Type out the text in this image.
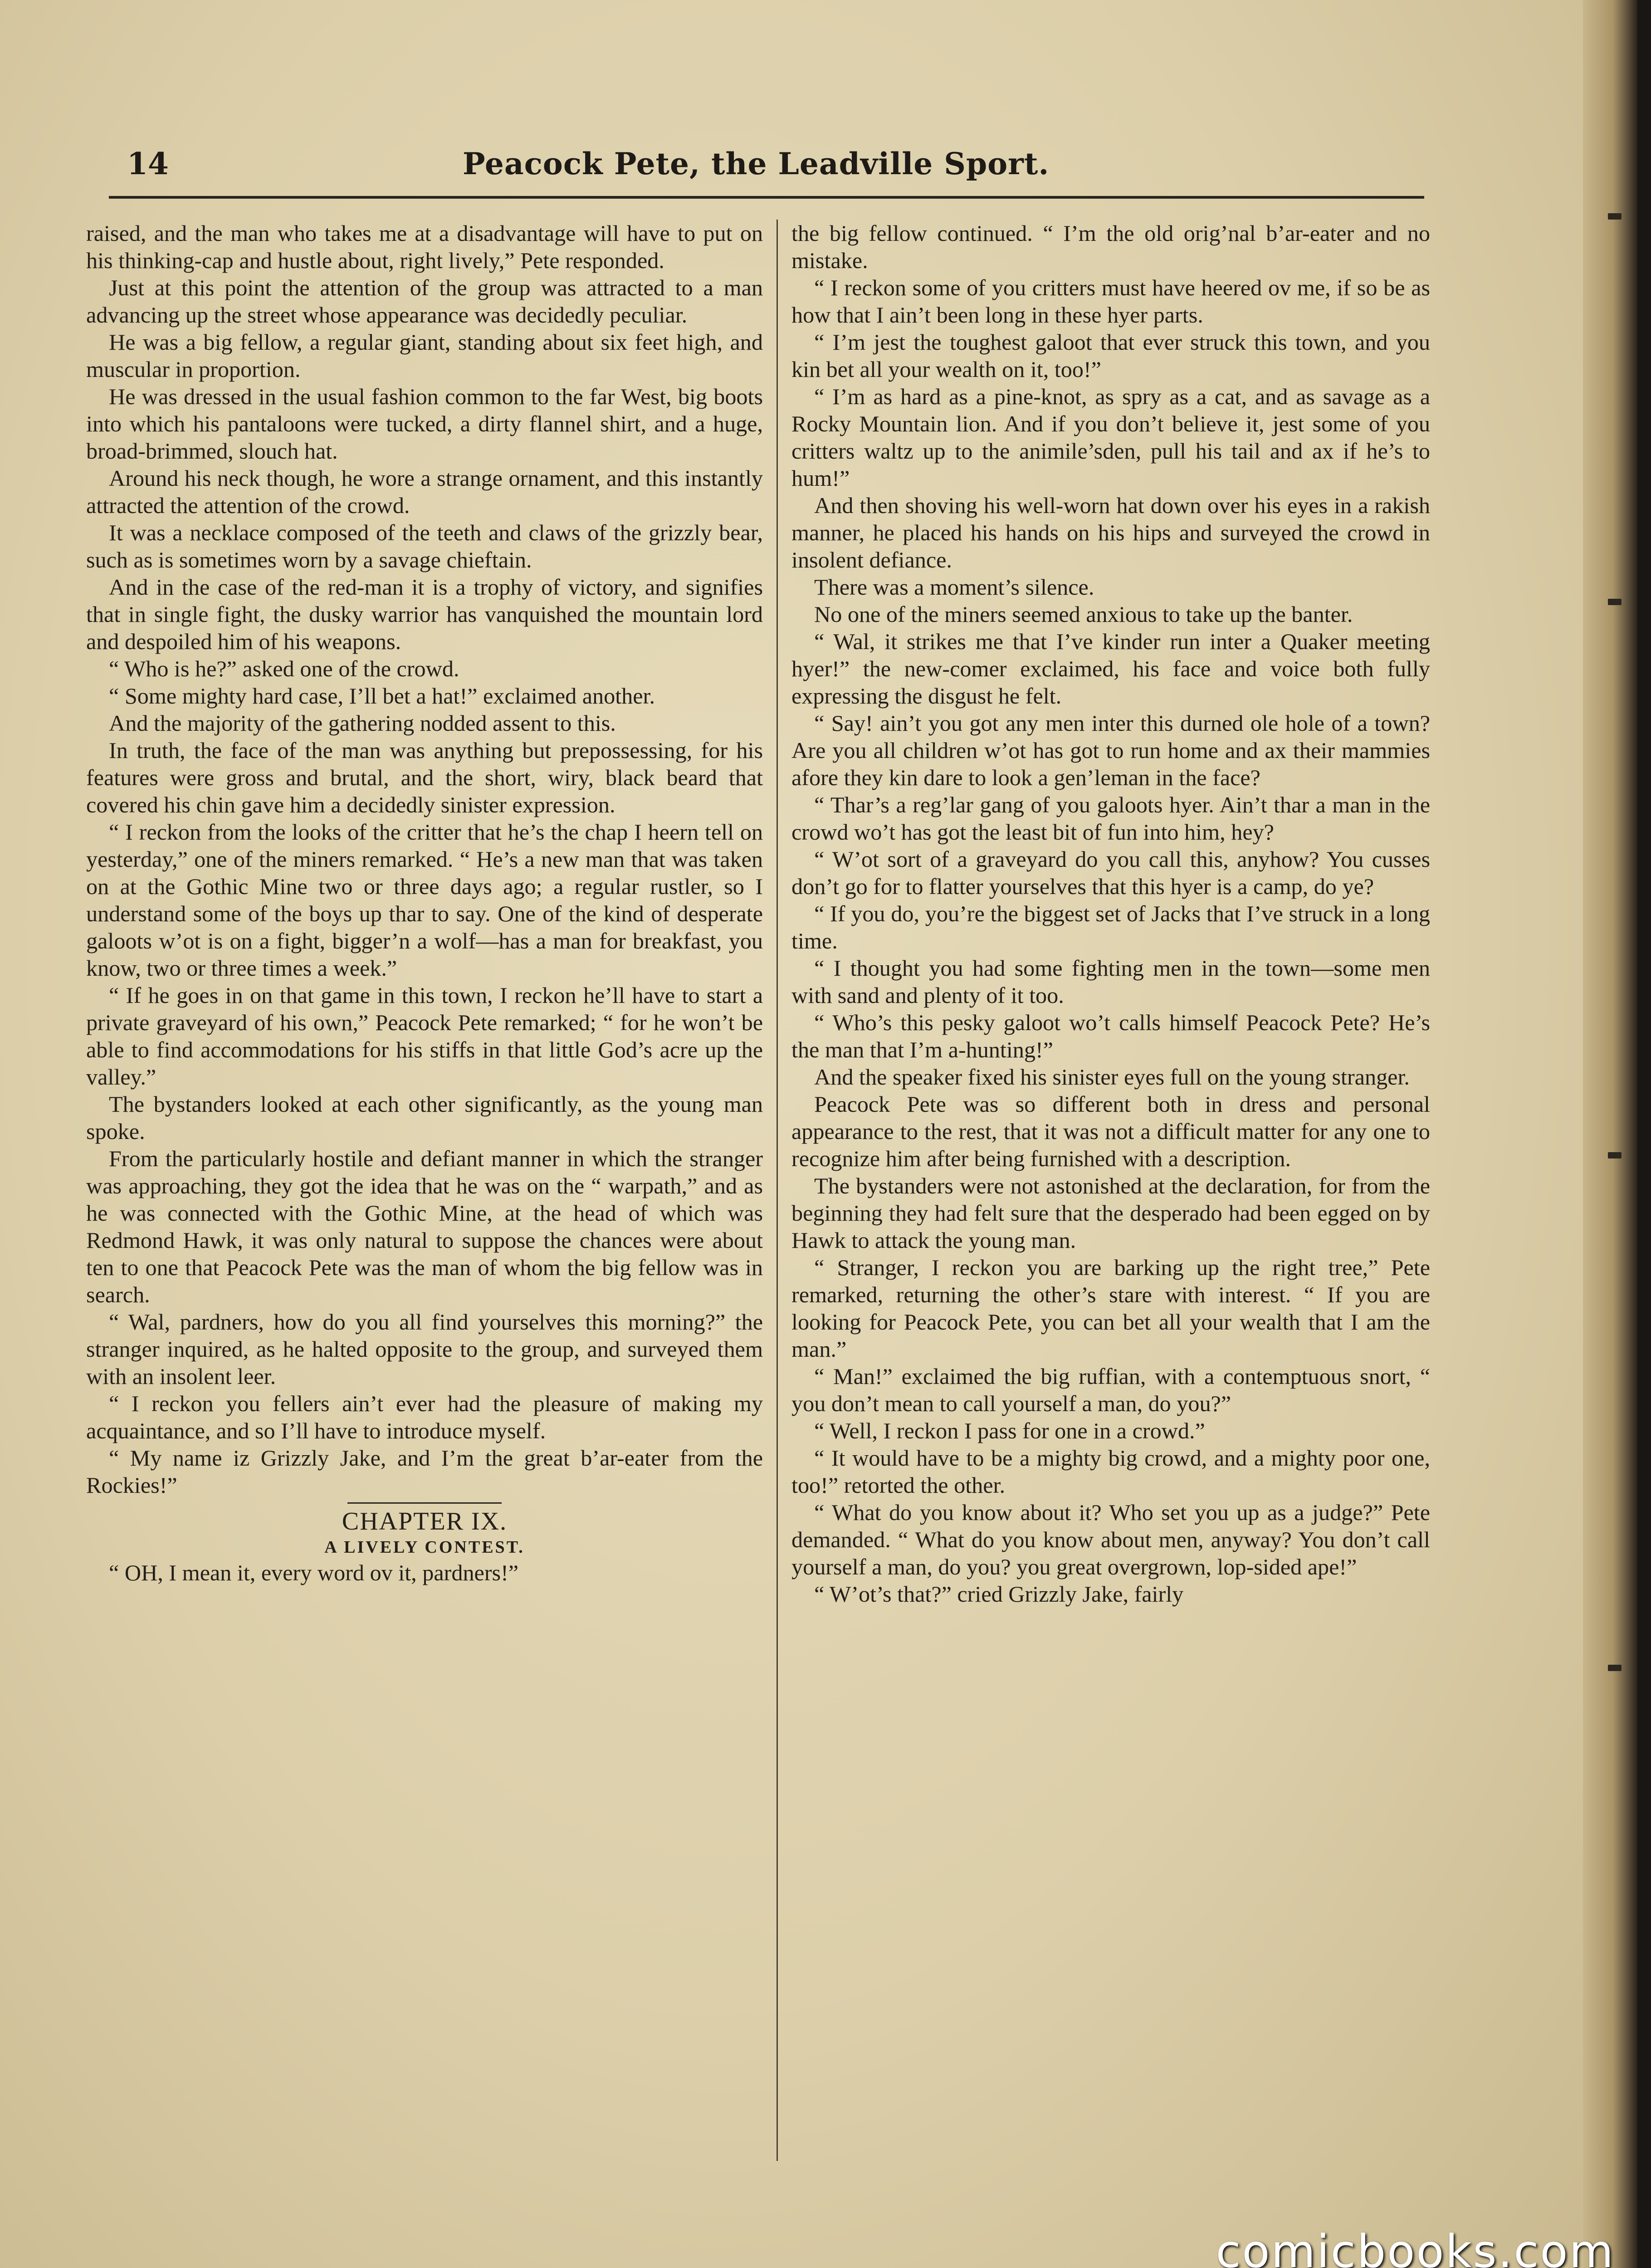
14	Peacock Pete, the Leadville Sport.

raised, and the man who takes me at a disadvantage will have to put on his thinking-cap and hustle about, right lively,” Pete responded.

Just at this point the attention of the group was attracted to a man advancing up the street whose appearance was decidedly peculiar.

He was a big fellow, a regular giant, standing about six feet high, and muscular in proportion.

He was dressed in the usual fashion common to the far West, big boots into which his pantaloons were tucked, a dirty flannel shirt, and a huge, broad-brimmed, slouch hat.

Around his neck though, he wore a strange ornament, and this instantly attracted the attention of the crowd.

It was a necklace composed of the teeth and claws of the grizzly bear, such as is sometimes worn by a savage chieftain.

And in the case of the red-man it is a trophy of victory, and signifies that in single fight, the dusky warrior has vanquished the mountain lord and despoiled him of his weapons.

“ Who is he?” asked one of the crowd.

“ Some mighty hard case, I’ll bet a hat!” exclaimed another.

And the majority of the gathering nodded assent to this.

In truth, the face of the man was anything but prepossessing, for his features were gross and brutal, and the short, wiry, black beard that covered his chin gave him a decidedly sinister expression.

“ I reckon from the looks of the critter that he’s the chap I heern tell on yesterday,” one of the miners remarked. “ He’s a new man that was taken on at the Gothic Mine two or three days ago; a regular rustler, so I understand some of the boys up thar to say. One of the kind of desperate galoots w’ot is on a fight, bigger’n a wolf—has a man for breakfast, you know, two or three times a week.”

“ If he goes in on that game in this town, I reckon he’ll have to start a private graveyard of his own,” Peacock Pete remarked; “ for he won’t be able to find accommodations for his stiffs in that little God’s acre up the valley.”

The bystanders looked at each other significantly, as the young man spoke.

From the particularly hostile and defiant manner in which the stranger was approaching, they got the idea that he was on the “ warpath,” and as he was connected with the Gothic Mine, at the head of which was Redmond Hawk, it was only natural to suppose the chances were about ten to one that Peacock Pete was the man of whom the big fellow was in search.

“ Wal, pardners, how do you all find yourselves this morning?” the stranger inquired, as he halted opposite to the group, and surveyed them with an insolent leer.

“ I reckon you fellers ain’t ever had the pleasure of making my acquaintance, and so I’ll have to introduce myself.

“ My name iz Grizzly Jake, and I’m the great b’ar-eater from the Rockies!”

CHAPTER IX.
A LIVELY CONTEST.

“ OH, I mean it, every word ov it, pardners!”

the big fellow continued. “ I’m the old orig’nal b’ar-eater and no mistake.

“ I reckon some of you critters must have heered ov me, if so be as how that I ain’t been long in these hyer parts.

“ I’m jest the toughest galoot that ever struck this town, and you kin bet all your wealth on it, too!”

“ I’m as hard as a pine-knot, as spry as a cat, and as savage as a Rocky Mountain lion. And if you don’t believe it, jest some of you critters waltz up to the animile’sden, pull his tail and ax if he’s to hum!”

And then shoving his well-worn hat down over his eyes in a rakish manner, he placed his hands on his hips and surveyed the crowd in insolent defiance.

There was a moment’s silence.

No one of the miners seemed anxious to take up the banter.

“ Wal, it strikes me that I’ve kinder run inter a Quaker meeting hyer!” the new-comer exclaimed, his face and voice both fully expressing the disgust he felt.

“ Say! ain’t you got any men inter this durned ole hole of a town? Are you all children w’ot has got to run home and ax their mammies afore they kin dare to look a gen’leman in the face?

“ Thar’s a reg’lar gang of you galoots hyer. Ain’t thar a man in the crowd wo’t has got the least bit of fun into him, hey?

“ W’ot sort of a graveyard do you call this, anyhow? You cusses don’t go for to flatter yourselves that this hyer is a camp, do ye?

“ If you do, you’re the biggest set of Jacks that I’ve struck in a long time.

“ I thought you had some fighting men in the town—some men with sand and plenty of it too.

“ Who’s this pesky galoot wo’t calls himself Peacock Pete? He’s the man that I’m a-hunting!”

And the speaker fixed his sinister eyes full on the young stranger.

Peacock Pete was so different both in dress and personal appearance to the rest, that it was not a difficult matter for any one to recognize him after being furnished with a description.

The bystanders were not astonished at the declaration, for from the beginning they had felt sure that the desperado had been egged on by Hawk to attack the young man.

“ Stranger, I reckon you are barking up the right tree,” Pete remarked, returning the other’s stare with interest. “ If you are looking for Peacock Pete, you can bet all your wealth that I am the man.”

“ Man!” exclaimed the big ruffian, with a contemptuous snort, “ you don’t mean to call yourself a man, do you?”

“ Well, I reckon I pass for one in a crowd.”

“ It would have to be a mighty big crowd, and a mighty poor one, too!” retorted the other.

“ What do you know about it? Who set you up as a judge?” Pete demanded. “ What do you know about men, anyway? You don’t call yourself a man, do you? you great overgrown, lop-sided ape!”

“ W’ot’s that?” cried Grizzly Jake, fairly

comicbooks.com
